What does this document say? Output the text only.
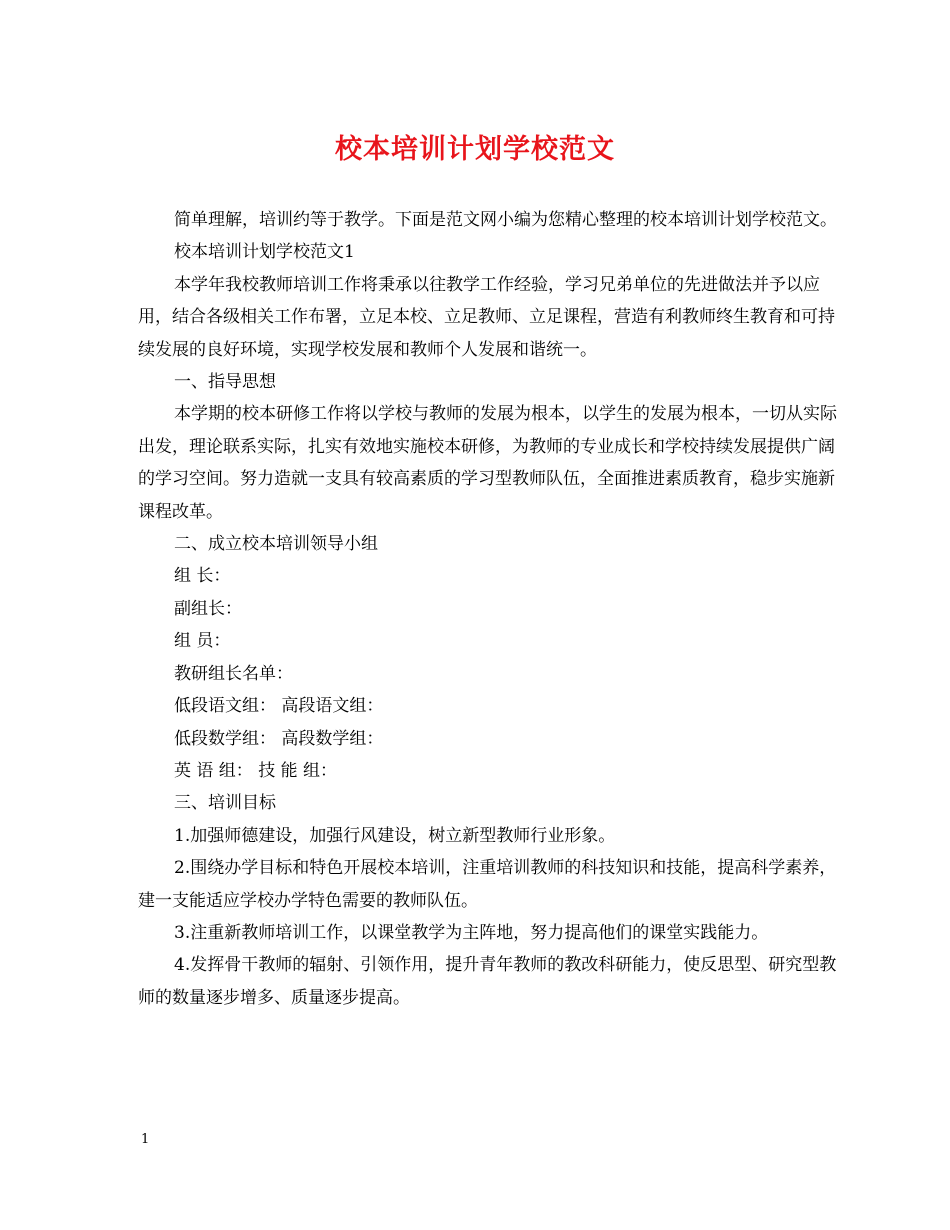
校本培训计划学校范文

简单理解，培训约等于教学。下面是范文网小编为您精心整理的校本培训计划学校范文。

校本培训计划学校范文1

本学年我校教师培训工作将秉承以往教学工作经验，学习兄弟单位的先进做法并予以应用，结合各级相关工作布署，立足本校、立足教师、立足课程，营造有利教师终生教育和可持续发展的良好环境，实现学校发展和教师个人发展和谐统一。

一、指导思想

本学期的校本研修工作将以学校与教师的发展为根本，以学生的发展为根本，一切从实际出发，理论联系实际，扎实有效地实施校本研修，为教师的专业成长和学校持续发展提供广阔的学习空间。努力造就一支具有较高素质的学习型教师队伍，全面推进素质教育，稳步实施新课程改革。

二、成立校本培训领导小组

组 长：

副组长：

组 员：

教研组长名单：

低段语文组： 高段语文组：

低段数学组： 高段数学组：

英 语 组： 技 能 组：

三、培训目标

1.加强师德建设，加强行风建设，树立新型教师行业形象。

2.围绕办学目标和特色开展校本培训，注重培训教师的科技知识和技能，提高科学素养，建一支能适应学校办学特色需要的教师队伍。

3.注重新教师培训工作，以课堂教学为主阵地，努力提高他们的课堂实践能力。

4.发挥骨干教师的辐射、引领作用，提升青年教师的教改科研能力，使反思型、研究型教师的数量逐步增多、质量逐步提高。

1
